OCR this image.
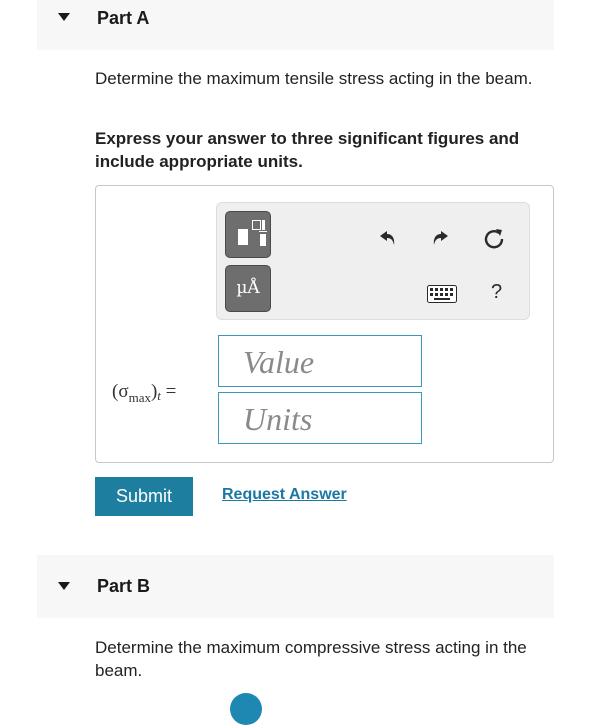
Part A
Determine the maximum tensile stress acting in the beam.
Express your answer to three significant figures and include appropriate units.
µÅ	?
$(\sigma_{max})t$ =
Value
Units
Submit	Request Answer
Part B
Determine the maximum compressive stress acting in the beam.
